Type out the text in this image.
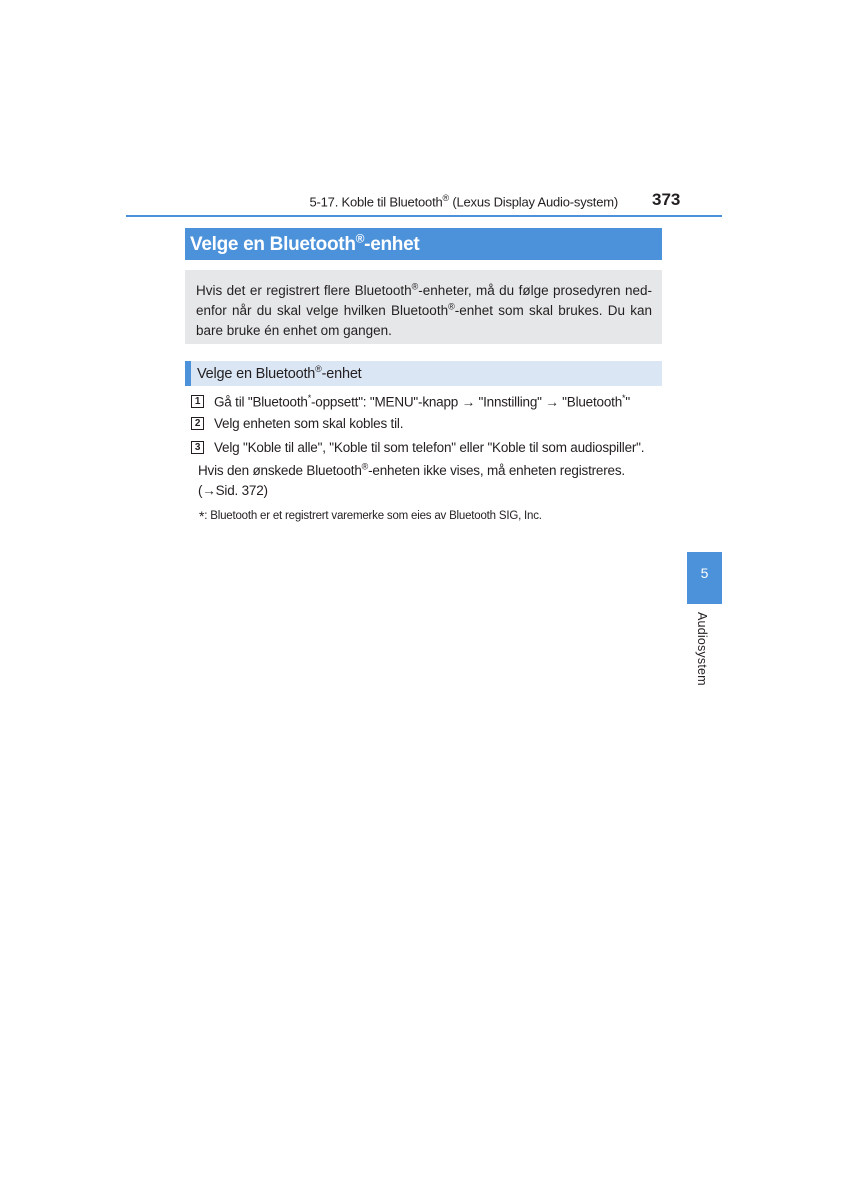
5-17. Koble til Bluetooth® (Lexus Display Audio-system) 373
Velge en Bluetooth®-enhet
Hvis det er registrert flere Bluetooth®-enheter, må du følge prosedyren ned-enfor når du skal velge hvilken Bluetooth®-enhet som skal brukes. Du kan bare bruke én enhet om gangen.
Velge en Bluetooth®-enhet
1 Gå til "Bluetooth*-oppsett": "MENU"-knapp → "Innstilling" → "Bluetooth*"
2 Velg enheten som skal kobles til.
3 Velg "Koble til alle", "Koble til som telefon" eller "Koble til som audiospiller".
Hvis den ønskede Bluetooth®-enheten ikke vises, må enheten registreres.
(→Sid. 372)
*: Bluetooth er et registrert varemerke som eies av Bluetooth SIG, Inc.
5
Audiosystem
